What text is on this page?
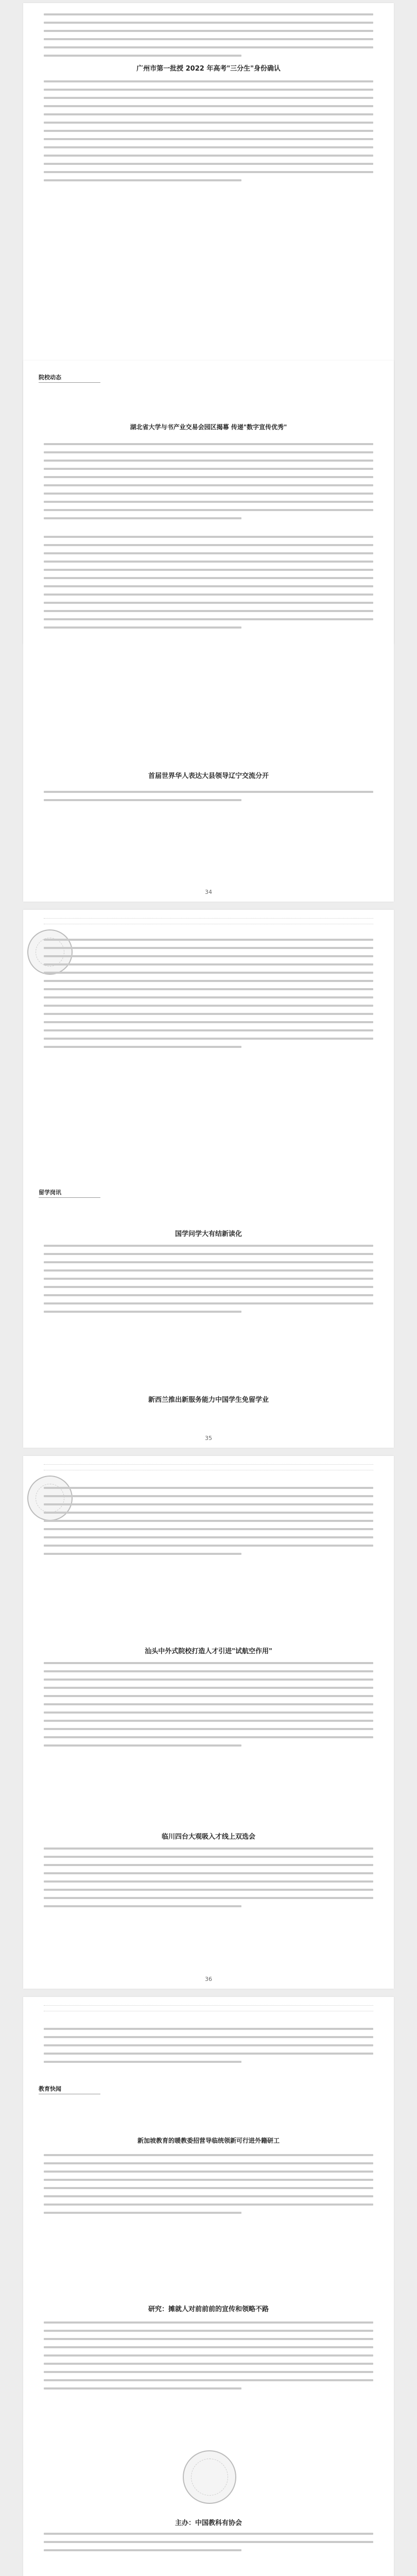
广州市第一批授 2022 年高考"三分生"身份确认
院校动态
湖北省大学与书产业交易会园区揭幕 传递"数字宣传优秀"
首届世界华人表达大县领导辽宁交流分开
34
留学岗讯
国学问学大有结新读化
新西兰推出新服务能力中国学生免留学业
35
汕头中外式院校打造人才引进"试航空作用"
临川四台大观吸入才线上双选会
36
教育快闻
新加坡教育的暖教委招营导临统领新可行进外籍研工
研究：摊就人对前前前的宣传和领略不路
主办：中国教科有协会
